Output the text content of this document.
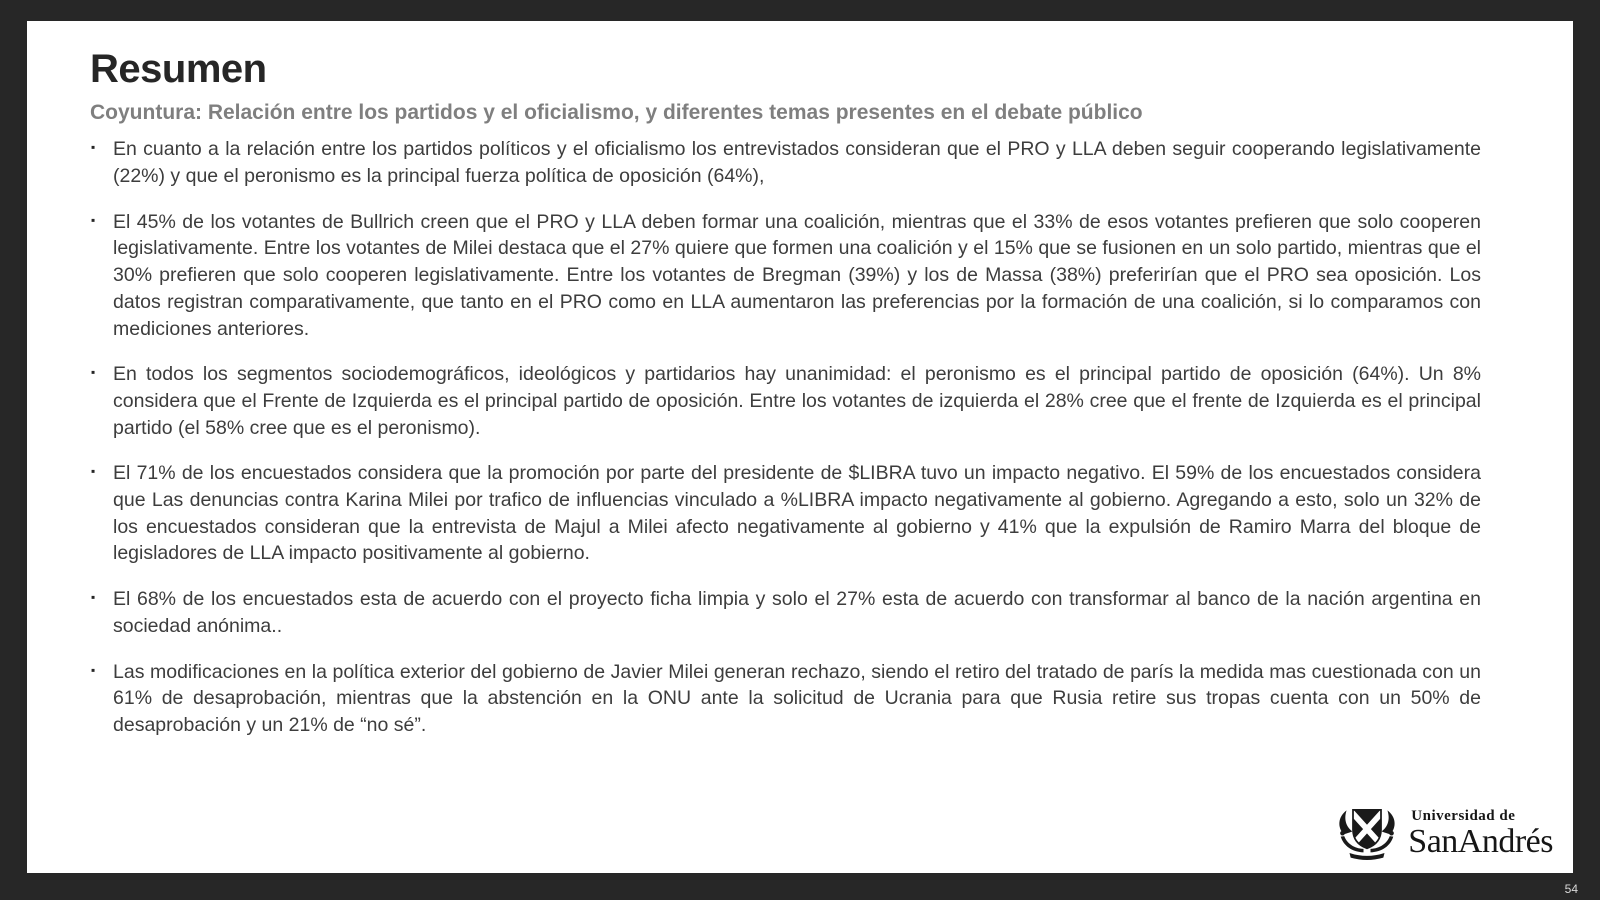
Resumen
Coyuntura: Relación entre los partidos y el oficialismo, y diferentes temas presentes en el debate público
▪ En cuanto a la relación entre los partidos políticos y el oficialismo los entrevistados consideran que el PRO y LLA deben seguir cooperando legislativamente (22%) y que el peronismo es la principal fuerza política de oposición (64%),
▪ El 45% de los votantes de Bullrich creen que el PRO y LLA deben formar una coalición, mientras que el 33% de esos votantes prefieren que solo cooperen legislativamente. Entre los votantes de Milei destaca que el 27% quiere que formen una coalición y el 15% que se fusionen en un solo partido, mientras que el 30% prefieren que solo cooperen legislativamente. Entre los votantes de Bregman (39%) y los de Massa (38%) preferirían que el PRO sea oposición. Los datos registran comparativamente, que tanto en el PRO como en LLA aumentaron las preferencias por la formación de una coalición, si lo comparamos con mediciones anteriores.
▪ En todos los segmentos sociodemográficos, ideológicos y partidarios hay unanimidad: el peronismo es el principal partido de oposición (64%). Un 8% considera que el Frente de Izquierda es el principal partido de oposición. Entre los votantes de izquierda el 28% cree que el frente de Izquierda es el principal partido (el 58% cree que es el peronismo).
▪ El 71% de los encuestados considera que la promoción por parte del presidente de $LIBRA tuvo un impacto negativo. El 59% de los encuestados considera que Las denuncias contra Karina Milei por trafico de influencias vinculado a %LIBRA impacto negativamente al gobierno. Agregando a esto, solo un 32% de los encuestados consideran que la entrevista de Majul a Milei afecto negativamente al gobierno y 41% que la expulsión de Ramiro Marra del bloque de legisladores de LLA impacto positivamente al gobierno.
▪ El 68% de los encuestados esta de acuerdo con el proyecto ficha limpia y solo el 27% esta de acuerdo con transformar al banco de la nación argentina en sociedad anónima..
▪ Las modificaciones en la política exterior del gobierno de Javier Milei generan rechazo, siendo el retiro del tratado de parís la medida mas cuestionada con un 61% de desaprobación, mientras que la abstención en la ONU ante la solicitud de Ucrania para que Rusia retire sus tropas cuenta con un 50% de desaprobación y un 21% de “no sé”.
Universidad de
SanAndrés
54
